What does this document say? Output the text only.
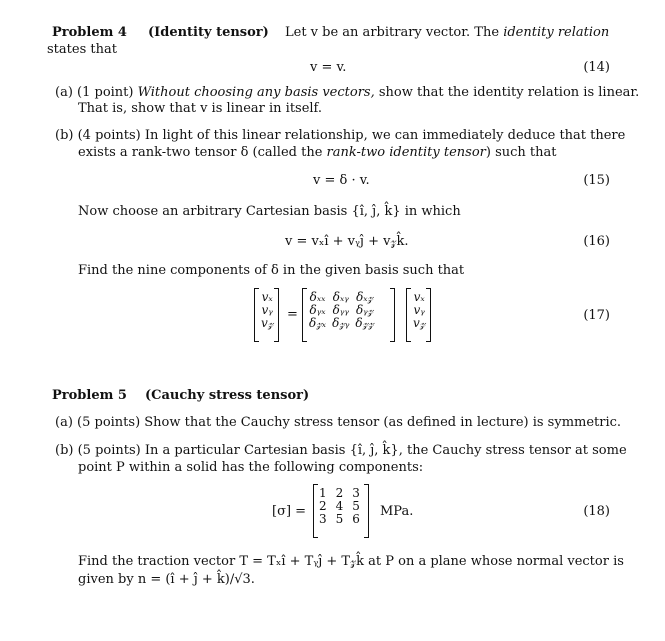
Problem 4 (Identity tensor) Let v be an arbitrary vector. The identity relation
states that
v = v.	(14)
(a) (1 point) Without choosing any basis vectors, show that the identity relation is linear.
That is, show that v is linear in itself.
(b) (4 points) In light of this linear relationship, we can immediately deduce that there
exists a rank-two tensor δ (called the rank-two identity tensor) such that
v = δ · v.	(15)
Now choose an arbitrary Cartesian basis {î, ĵ, k̂} in which
v = vₓî + vᵧĵ + v𝓏k̂.	(16)
Find the nine components of δ in the given basis such that
vₓ
vᵧ
v𝓏
=
δₓₓ δₓᵧ δₓ𝓏
δᵧₓ δᵧᵧ δᵧ𝓏
δ𝓏ₓ δ𝓏ᵧ δ𝓏𝓏
vₓ
vᵧ
v𝓏	(17)
Problem 5 (Cauchy stress tensor)
(a) (5 points) Show that the Cauchy stress tensor (as defined in lecture) is symmetric.
(b) (5 points) In a particular Cartesian basis {î, ĵ, k̂}, the Cauchy stress tensor at some
point P within a solid has the following components:
[σ] =
1 2 3
2 4 5
3 5 6 MPa.	(18)
Find the traction vector T = Tₓî + Tᵧĵ + T𝓏k̂ at P on a plane whose normal vector is
given by n = (î + ĵ + k̂)/√3.
